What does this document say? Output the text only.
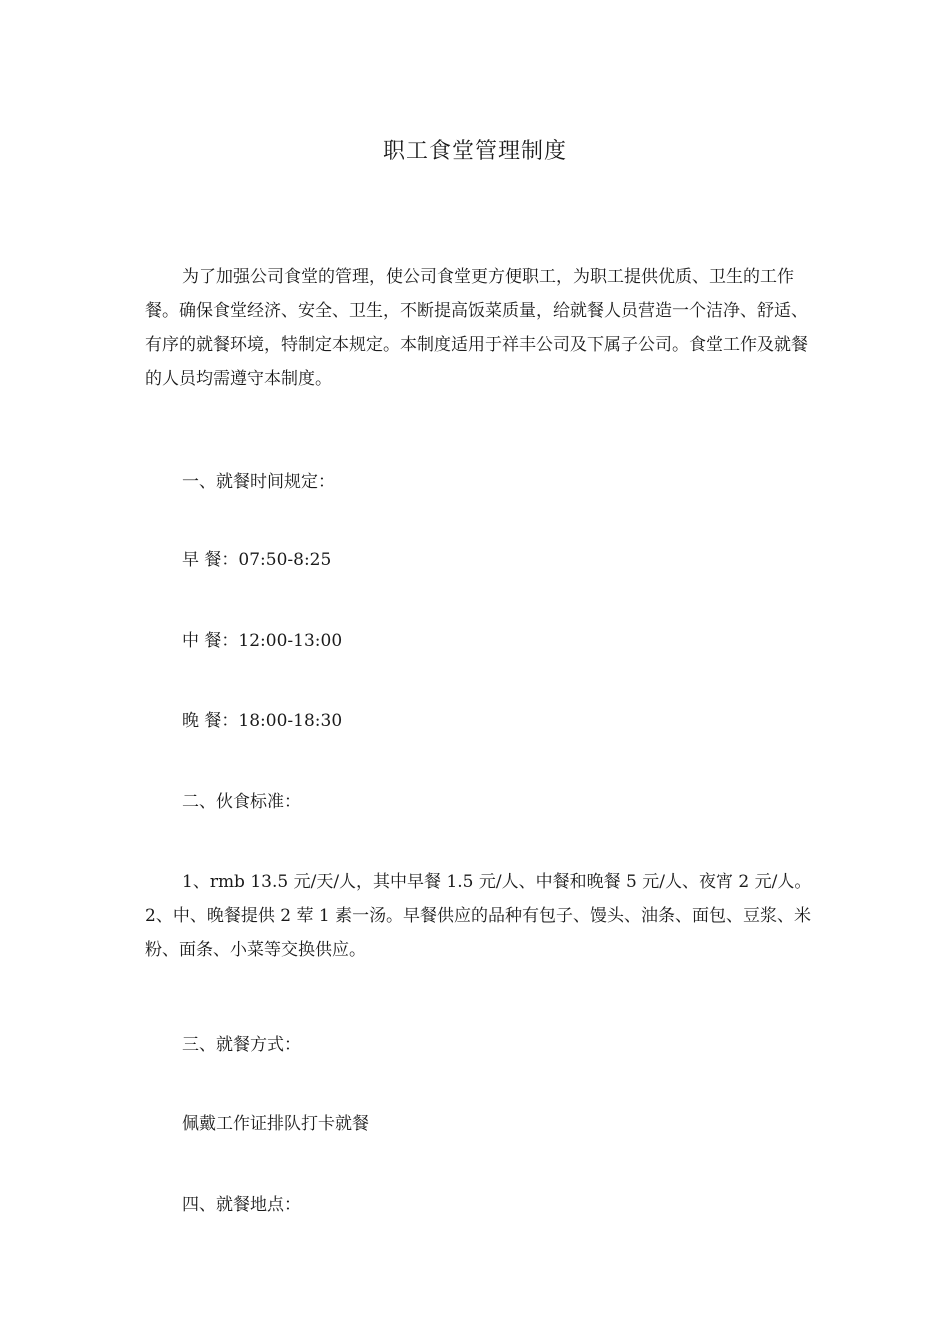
职工食堂管理制度

为了加强公司食堂的管理，使公司食堂更方便职工，为职工提供优质、卫生的工作餐。确保食堂经济、安全、卫生，不断提高饭菜质量，给就餐人员营造一个洁净、舒适、有序的就餐环境，特制定本规定。本制度适用于祥丰公司及下属子公司。食堂工作及就餐的人员均需遵守本制度。

一、就餐时间规定：

早 餐：07:50-8:25

中 餐：12:00-13:00

晚 餐：18:00-18:30

二、伙食标准：

1、rmb 13.5 元/天/人，其中早餐 1.5 元/人、中餐和晚餐 5 元/人、夜宵 2 元/人。2、中、晚餐提供 2 荤 1 素一汤。早餐供应的品种有包子、馒头、油条、面包、豆浆、米粉、面条、小菜等交换供应。

三、就餐方式：

佩戴工作证排队打卡就餐

四、就餐地点：
